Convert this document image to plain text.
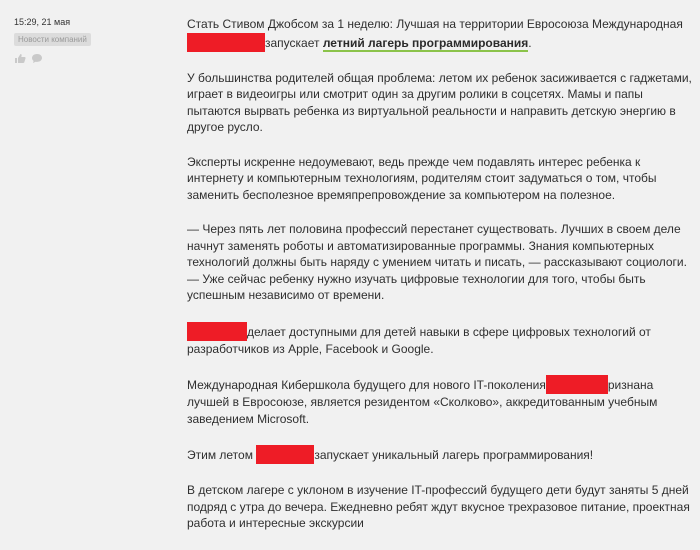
15:29, 21 мая
Новости компаний

Стать Стивом Джобсом за 1 неделю: Лучшая на территории Евросоюза Международная
запускает летний лагерь программирования.

У большинства родителей общая проблема: летом их ребенок засиживается с гаджетами, играет в видеоигры или смотрит один за другим ролики в соцсетях. Мамы и папы пытаются вырвать ребенка из виртуальной реальности и направить детскую энергию в другое русло.

Эксперты искренне недоумевают, ведь прежде чем подавлять интерес ребенка к интернету и компьютерным технологиям, родителям стоит задуматься о том, чтобы заменить бесполезное времяпрепровождение за компьютером на полезное.

— Через пять лет половина профессий перестанет существовать. Лучших в своем деле начнут заменять роботы и автоматизированные программы. Знания компьютерных технологий должны быть наряду с умением читать и писать, — рассказывают социологи. — Уже сейчас ребенку нужно изучать цифровые технологии для того, чтобы быть успешным независимо от времени.

делает доступными для детей навыки в сфере цифровых технологий от разработчиков из Apple, Facebook и Google.

Международная Кибершкола будущего для нового IT-поколения	ризнана лучшей в Евросоюзе, является резидентом «Сколково», аккредитованным учебным заведением Microsoft.

Этим летом	запускает уникальный лагерь программирования!

В детском лагере с уклоном в изучение IT-профессий будущего дети будут заняты 5 дней подряд с утра до вечера. Ежедневно ребят ждут вкусное трехразовое питание, проектная работа и интересные экскурсии
